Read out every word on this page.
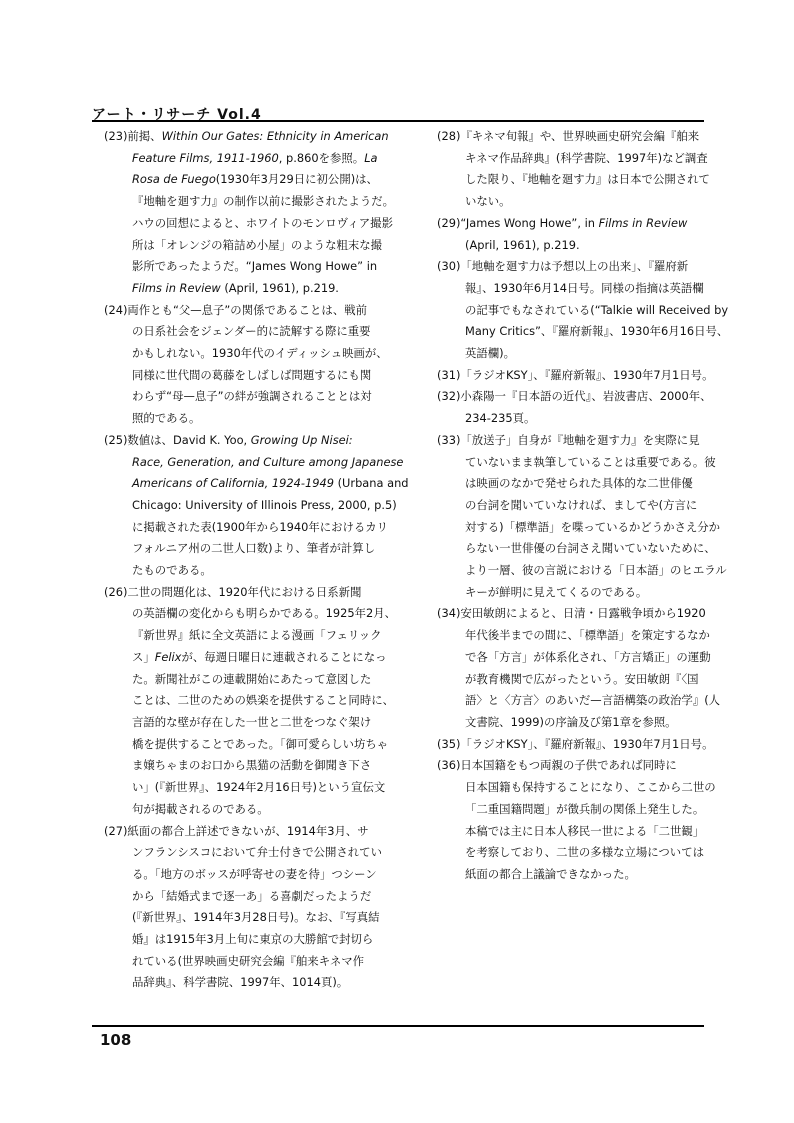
アート・リサーチ Vol.4
(23)前掲、Within Our Gates: Ethnicity in American
Feature Films, 1911-1960, p.860を参照。La
Rosa de Fuego(1930年3月29日に初公開)は、
『地軸を廻す力』の制作以前に撮影されたようだ。
ハウの回想によると、ホワイトのモンロヴィア撮影
所は「オレンジの箱詰め小屋」のような粗末な撮
影所であったようだ。“James Wong Howe” in
Films in Review (April, 1961), p.219.
(24)両作とも“父—息子”の関係であることは、戦前
の日系社会をジェンダー的に読解する際に重要
かもしれない。1930年代のイディッシュ映画が、
同様に世代間の葛藤をしばしば問題するにも関
わらず“母—息子”の絆が強調されることとは対
照的である。
(25)数値は、David K. Yoo, Growing Up Nisei:
Race, Generation, and Culture among Japanese
Americans of California, 1924-1949 (Urbana and
Chicago: University of Illinois Press, 2000, p.5)
に掲載された表(1900年から1940年におけるカリ
フォルニア州の二世人口数)より、筆者が計算し
たものである。
(26)二世の問題化は、1920年代における日系新聞
の英語欄の変化からも明らかである。1925年2月、
『新世界』紙に全文英語による漫画「フェリック
ス」Felixが、毎週日曜日に連載されることになっ
た。新聞社がこの連載開始にあたって意図した
ことは、二世のための娯楽を提供すること同時に、
言語的な壁が存在した一世と二世をつなぐ架け
橋を提供することであった。「御可愛らしい坊ちゃ
ま嬢ちゃまのお口から黒猫の活動を御聞き下さ
い」(『新世界』、1924年2月16日号)という宣伝文
句が掲載されるのである。
(27)紙面の都合上詳述できないが、1914年3月、サ
ンフランシスコにおいて弁士付きで公開されてい
る。「地方のボッスが呼寄せの妻を待」つシーン
から「結婚式まで逐一あ」る喜劇だったようだ
(『新世界』、1914年3月28日号)。なお、『写真結
婚』は1915年3月上旬に東京の大勝館で封切ら
れている(世界映画史研究会編『舶来キネマ作
品辞典』、科学書院、1997年、1014頁)。
(28)『キネマ旬報』や、世界映画史研究会編『舶来
キネマ作品辞典』(科学書院、1997年)など調査
した限り、『地軸を廻す力』は日本で公開されて
いない。
(29)“James Wong Howe”, in Films in Review
(April, 1961), p.219.
(30)「地軸を廻す力は予想以上の出来」、『羅府新
報』、1930年6月14日号。同様の指摘は英語欄
の記事でもなされている(“Talkie will Received by
Many Critics”、『羅府新報』、1930年6月16日号、
英語欄)。
(31)「ラジオKSY」、『羅府新報』、1930年7月1日号。
(32)小森陽一『日本語の近代』、岩波書店、2000年、
234-235頁。
(33)「放送子」自身が『地軸を廻す力』を実際に見
ていないまま執筆していることは重要である。彼
は映画のなかで発せられた具体的な二世俳優
の台詞を聞いていなければ、ましてや(方言に
対する)「標準語」を喋っているかどうかさえ分か
らない一世俳優の台詞さえ聞いていないために、
より一層、彼の言説における「日本語」のヒエラル
キーが鮮明に見えてくるのである。
(34)安田敏朗によると、日清・日露戦争頃から1920
年代後半までの間に、「標準語」を策定するなか
で各「方言」が体系化され、「方言矯正」の運動
が教育機関で広がったという。安田敏朗『〈国
語〉と〈方言〉のあいだ—言語構築の政治学』(人
文書院、1999)の序論及び第1章を参照。
(35)「ラジオKSY」、『羅府新報』、1930年7月1日号。
(36)日本国籍をもつ両親の子供であれば同時に
日本国籍も保持することになり、ここから二世の
「二重国籍問題」が徴兵制の関係上発生した。
本稿では主に日本人移民一世による「二世観」
を考察しており、二世の多様な立場については
紙面の都合上議論できなかった。
108
